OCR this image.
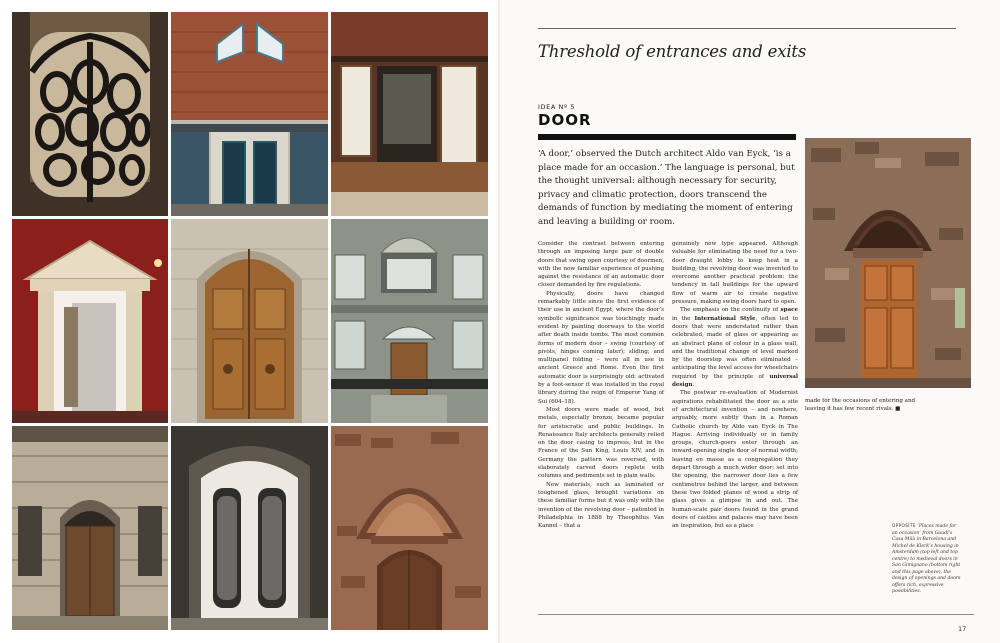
Threshold of entrances and exits
IDEA Nº 5
DOOR
‘A door,’ observed the Dutch architect Aldo van Eyck, ‘is a place made for an occasion.’ The language is personal, but the thought universal: although necessary for security, privacy and climatic protection, doors transcend the demands of function by mediating the moment of entering and leaving a building or room.

Consider the contrast between entering through an imposing large pair of double doors that swing open courtesy of doormen, with the now familiar experience of pushing against the resistance of an automatic door closer demanded by fire regulations.

Physically, doors have changed remarkably little since the first evidence of their use in ancient Egypt, where the door’s symbolic significance was touchingly made evident by painting doorways to the world after death inside tombs. The most common forms of modern door – swing (courtesy of pivots, hinges coming later); sliding; and multipanel folding – were all in use in ancient Greece and Rome. Even the first automatic door is surprisingly old: activated by a foot-sensor it was installed in the royal library during the reign of Emperor Yang of Sui (604–18).

Most doors were made of wood, but metals, especially bronze, became popular for aristocratic and public buildings. In Renaissance Italy architects generally relied on the door casing to impress, but in the France of the Sun King, Louis XIV, and in Germany the pattern was reversed, with elaborately carved doors replete with columns and pediments set in plain walls.

New materials, such as laminated or toughened glass, brought variations on these familiar forms but it was only with the invention of the revolving door – patented in Philadelphia in 1888 by Theophilus Van Kannel – that a

genuinely new type appeared. Although valuable for eliminating the need for a two-door draught lobby to keep heat in a building, the revolving door was invented to overcome another practical problem: the tendency in tall buildings for the upward flow of warm air to create negative pressure, making swing doors hard to open.

The emphasis on the continuity of space in the International Style, often led to doors that were understated rather than celebrated, made of glass or appearing as an abstract plane of colour in a glass wall, and the traditional change of level marked by the doorstep was often eliminated – anticipating the level access for wheelchairs required by the principle of universal design.

The postwar re-evaluation of Modernist aspirations rehabilitated the door as a site of architectural invention – and nowhere, arguably, more subtly than in a Roman Catholic church by Aldo van Eyck in The Hague. Arriving individually or in family groups, church-goers enter through an inward-opening single door of normal width; leaving en masse as a congregation they depart through a much wider door; set into the opening, the narrower door lies a few centimetres behind the larger, and between these two folded planes of wood a strip of glass gives a glimpse in and out. The human-scale pair doors found in the grand doors of castles and palaces may have been an inspiration, but as a place

made for the occasions of entering and leaving it has few recent rivals. ■
OPPOSITE ‘Places made for an occasion’ from Gaudí’s Casa Milà in Barcelona and Michel de Klerk’s housing in Amsterdam (top left and top centre) to medieval doors in San Gimignano (bottom right and this page above), the design of openings and doors offers rich, expressive possibilities.
17
